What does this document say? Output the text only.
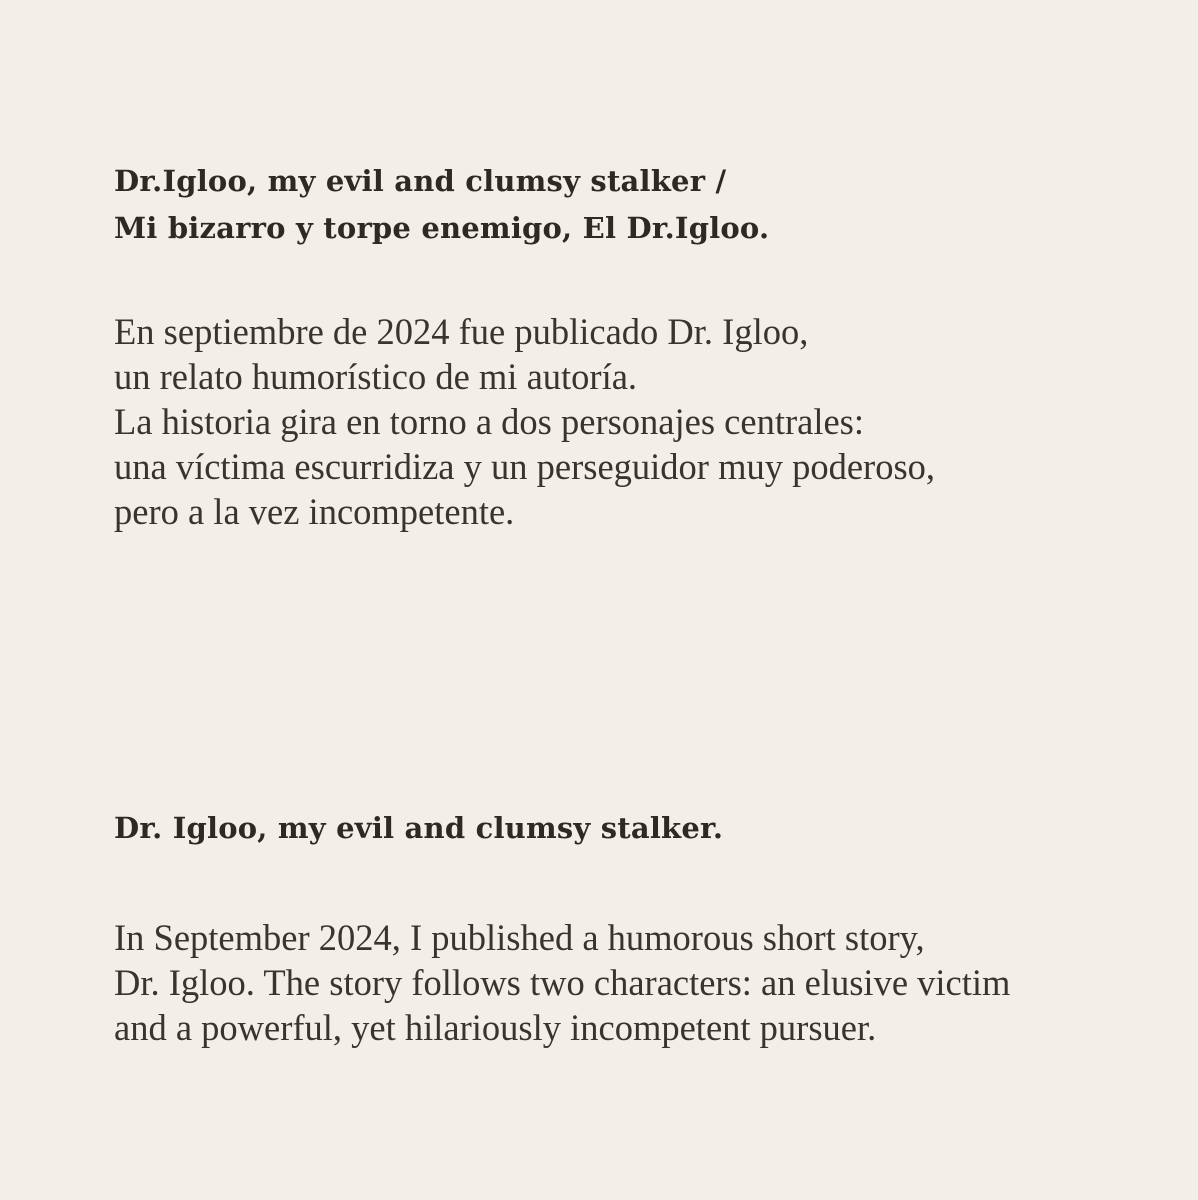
Dr.Igloo, my evil and clumsy stalker /
Mi bizarro y torpe enemigo, El Dr.Igloo.
En septiembre de 2024 fue publicado Dr. Igloo,
un relato humorístico de mi autoría.
La historia gira en torno a dos personajes centrales:
una víctima escurridiza y un perseguidor muy poderoso,
pero a la vez incompetente.
Dr. Igloo, my evil and clumsy stalker.
In September 2024, I published a humorous short story,
Dr. Igloo. The story follows two characters: an elusive victim
and a powerful, yet hilariously incompetent pursuer.
